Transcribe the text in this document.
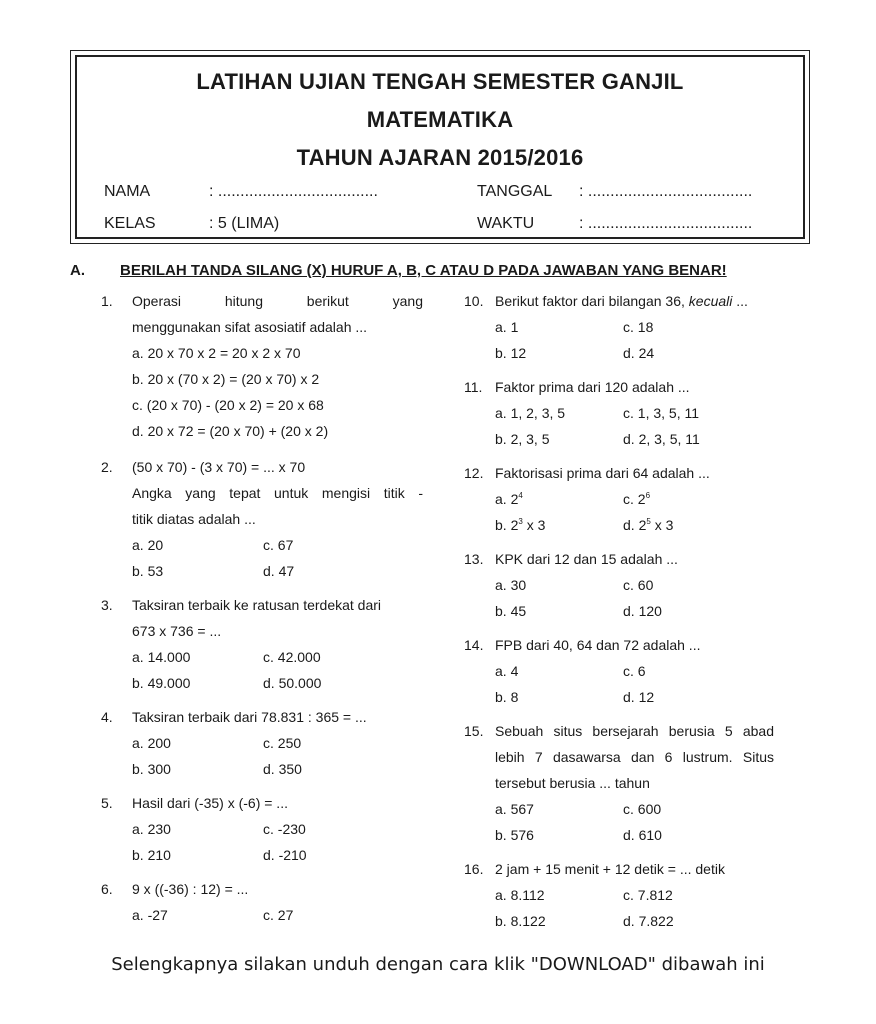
LATIHAN UJIAN TENGAH SEMESTER GANJIL
MATEMATIKA
TAHUN AJARAN 2015/2016
NAMA	: ....................................	TANGGAL : .....................................
KELAS	: 5 (LIMA)	WAKTU	: .....................................
A. BERILAH TANDA SILANG (X) HURUF A, B, C ATAU D PADA JAWABAN YANG BENAR!
1. Operasi hitung berikut yang
menggunakan sifat asosiatif adalah ...
a. 20 x 70 x 2 = 20 x 2 x 70
b. 20 x (70 x 2) = (20 x 70) x 2
c. (20 x 70) - (20 x 2) = 20 x 68
d. 20 x 72 = (20 x 70) + (20 x 2)
2. (50 x 70) - (3 x 70) = ... x 70
Angka yang tepat untuk mengisi titik -
titik diatas adalah ...
a. 20	c. 67
b. 53	d. 47
3. Taksiran terbaik ke ratusan terdekat dari
673 x 736 = ...
a. 14.000	c. 42.000
b. 49.000	d. 50.000
4. Taksiran terbaik dari 78.831 : 365 = ...
a. 200	c. 250
b. 300	d. 350
5. Hasil dari (-35) x (-6) = ...
a. 230	c. -230
b. 210	d. -210
6. 9 x ((-36) : 12) = ...
a. -27	c. 27
10. Berikut faktor dari bilangan 36, kecuali ...
a. 1	c. 18
b. 12	d. 24
11. Faktor prima dari 120 adalah ...
a. 1, 2, 3, 5	c. 1, 3, 5, 11
b. 2, 3, 5	d. 2, 3, 5, 11
12. Faktorisasi prima dari 64 adalah ...
a. $2^4$	c. $2^6$
b. $2^3$ x 3	d. $2^5$ x 3
13. KPK dari 12 dan 15 adalah ...
a. 30	c. 60
b. 45	d. 120
14. FPB dari 40, 64 dan 72 adalah ...
a. 4	c. 6
b. 8	d. 12
15. Sebuah situs bersejarah berusia 5 abad
lebih 7 dasawarsa dan 6 lustrum. Situs
tersebut berusia ... tahun
a. 567	c. 600
b. 576	d. 610
16. 2 jam + 15 menit + 12 detik = ... detik
a. 8.112	c. 7.812
b. 8.122	d. 7.822
Selengkapnya silakan unduh dengan cara klik "DOWNLOAD" dibawah ini
